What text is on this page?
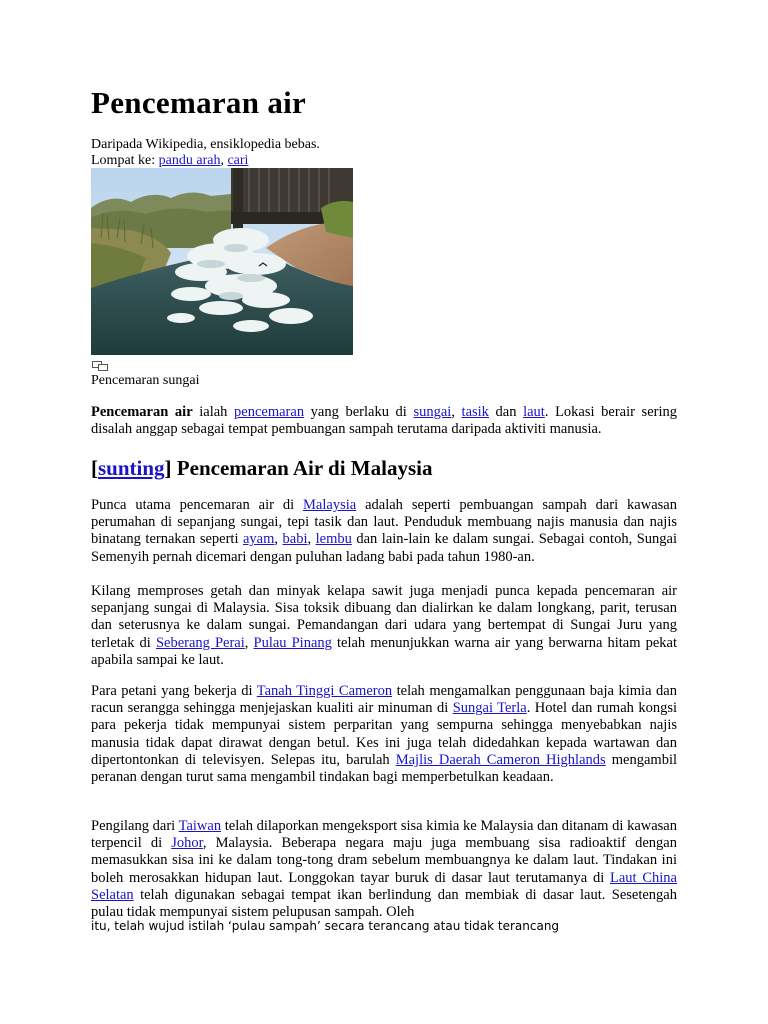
Pencemaran air
Daripada Wikipedia, ensiklopedia bebas.
Lompat ke: pandu arah, cari
Pencemaran sungai

Pencemaran air ialah pencemaran yang berlaku di sungai, tasik dan laut. Lokasi berair sering disalah anggap sebagai tempat pembuangan sampah terutama daripada aktiviti manusia.

[sunting] Pencemaran Air di Malaysia

Punca utama pencemaran air di Malaysia adalah seperti pembuangan sampah dari kawasan perumahan di sepanjang sungai, tepi tasik dan laut. Penduduk membuang najis manusia dan najis binatang ternakan seperti ayam, babi, lembu dan lain-lain ke dalam sungai. Sebagai contoh, Sungai Semenyih pernah dicemari dengan puluhan ladang babi pada tahun 1980-an.

Kilang memproses getah dan minyak kelapa sawit juga menjadi punca kepada pencemaran air sepanjang sungai di Malaysia. Sisa toksik dibuang dan dialirkan ke dalam longkang, parit, terusan dan seterusnya ke dalam sungai. Pemandangan dari udara yang bertempat di Sungai Juru yang terletak di Seberang Perai, Pulau Pinang telah menunjukkan warna air yang berwarna hitam pekat apabila sampai ke laut.

Para petani yang bekerja di Tanah Tinggi Cameron telah mengamalkan penggunaan baja kimia dan racun serangga sehingga menjejaskan kualiti air minuman di Sungai Terla. Hotel dan rumah kongsi para pekerja tidak mempunyai sistem perparitan yang sempurna sehingga menyebabkan najis manusia tidak dapat dirawat dengan betul. Kes ini juga telah didedahkan kepada wartawan dan dipertontonkan di televisyen. Selepas itu, barulah Majlis Daerah Cameron Highlands mengambil peranan dengan turut sama mengambil tindakan bagi memperbetulkan keadaan.

Pengilang dari Taiwan telah dilaporkan mengeksport sisa kimia ke Malaysia dan ditanam di kawasan terpencil di Johor, Malaysia. Beberapa negara maju juga membuang sisa radioaktif dengan memasukkan sisa ini ke dalam tong-tong dram sebelum membuangnya ke dalam laut. Tindakan ini boleh merosakkan hidupan laut. Longgokan tayar buruk di dasar laut terutamanya di Laut China Selatan telah digunakan sebagai tempat ikan berlindung dan membiak di dasar laut. Sesetengah pulau tidak mempunyai sistem pelupusan sampah. Oleh

itu, telah wujud istilah ‘pulau sampah’ secara terancang atau tidak terancang
